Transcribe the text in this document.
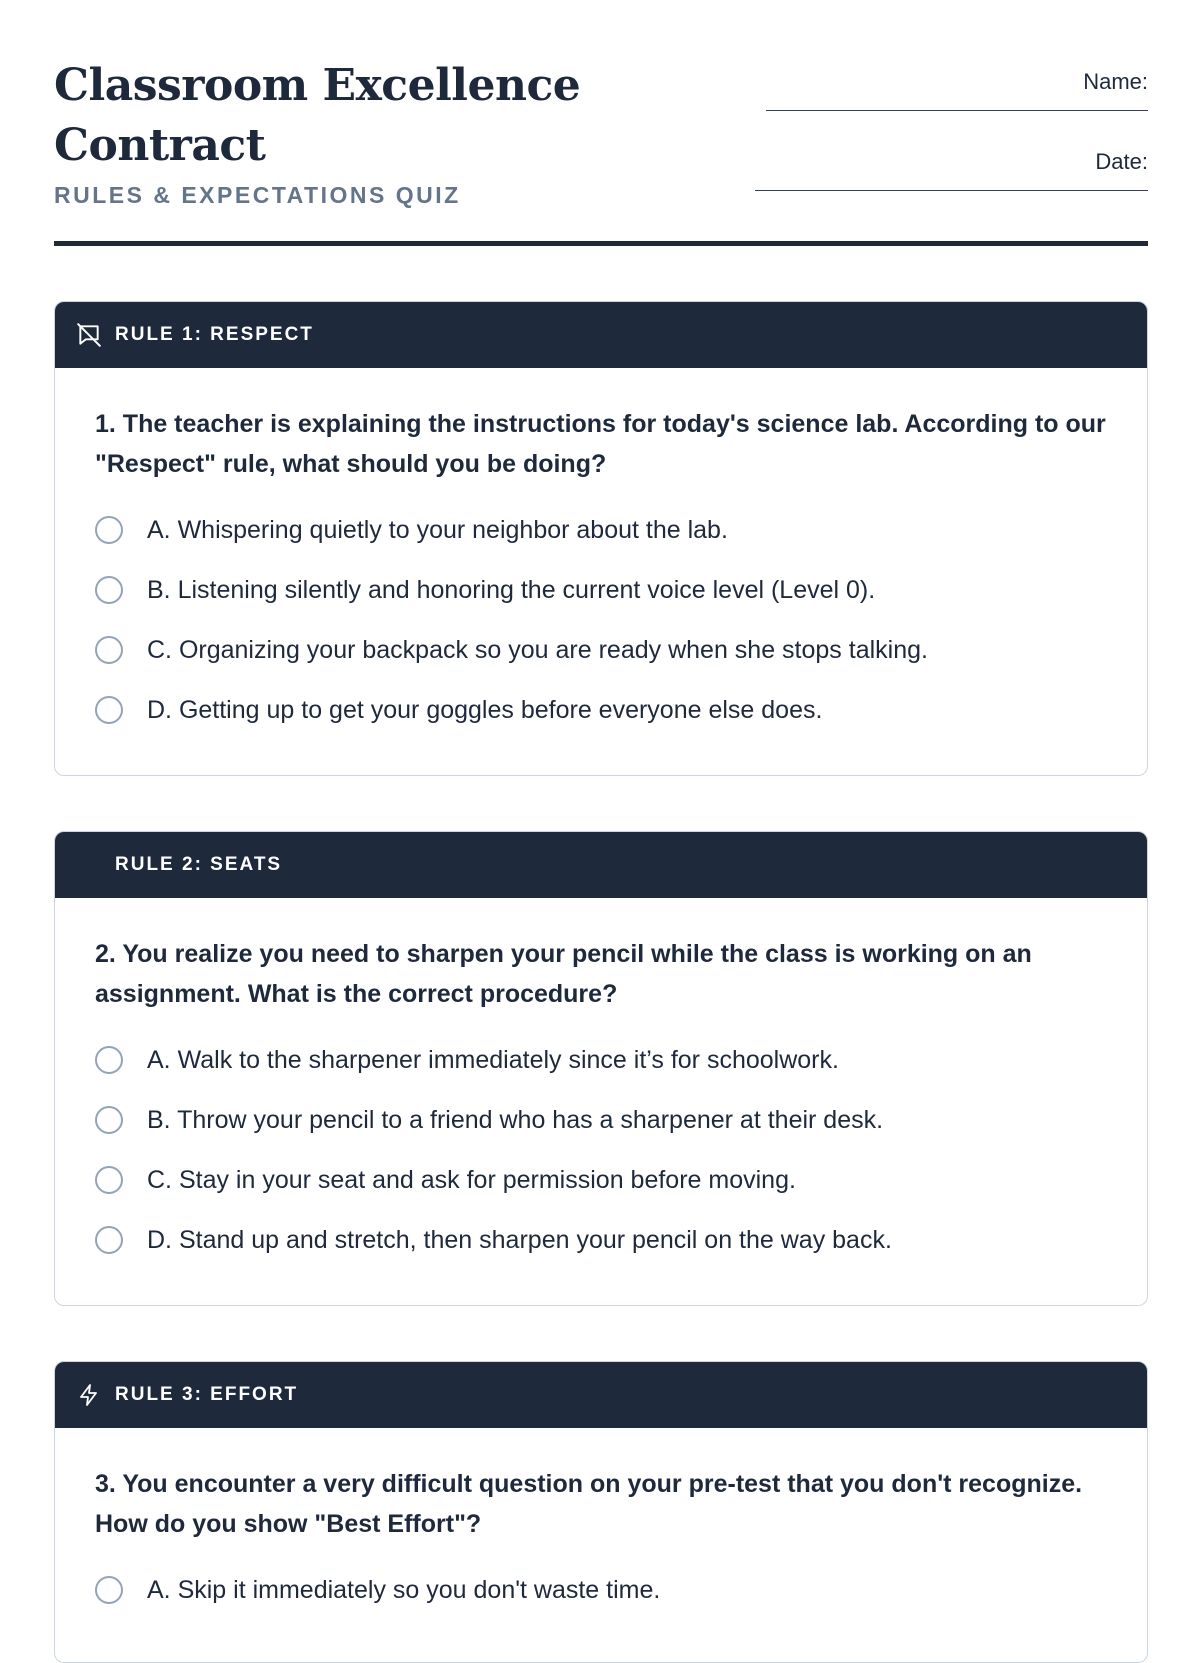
Classroom Excellence Contract
RULES & EXPECTATIONS QUIZ
Name:
Date:
RULE 1: RESPECT

1. The teacher is explaining the instructions for today's science lab. According to our "Respect" rule, what should you be doing?

A. Whispering quietly to your neighbor about the lab.
B. Listening silently and honoring the current voice level (Level 0).
C. Organizing your backpack so you are ready when she stops talking.
D. Getting up to get your goggles before everyone else does.
RULE 2: SEATS

2. You realize you need to sharpen your pencil while the class is working on an assignment. What is the correct procedure?

A. Walk to the sharpener immediately since it’s for schoolwork.
B. Throw your pencil to a friend who has a sharpener at their desk.
C. Stay in your seat and ask for permission before moving.
D. Stand up and stretch, then sharpen your pencil on the way back.
RULE 3: EFFORT

3. You encounter a very difficult question on your pre-test that you don't recognize. How do you show "Best Effort"?

A. Skip it immediately so you don't waste time.
